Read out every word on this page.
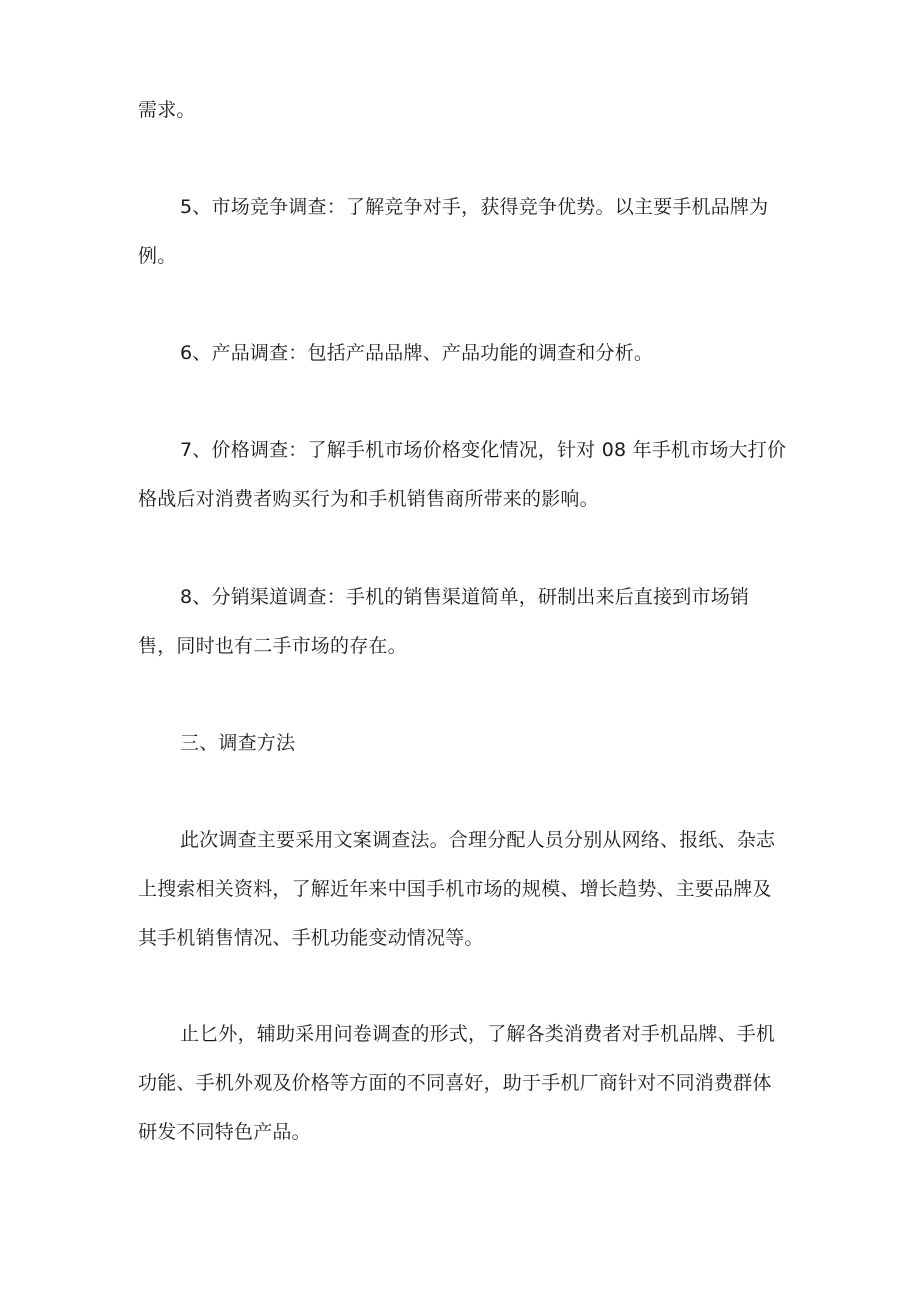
需求。
5、市场竞争调查：了解竞争对手，获得竞争优势。以主要手机品牌为
例。
6、产品调查：包括产品品牌、产品功能的调查和分析。
7、价格调查：了解手机市场价格变化情况，针对 08 年手机市场大打价
格战后对消费者购买行为和手机销售商所带来的影响。
8、分销渠道调查：手机的销售渠道简单，研制出来后直接到市场销
售，同时也有二手市场的存在。
三、调查方法
此次调查主要采用文案调查法。合理分配人员分别从网络、报纸、杂志
上搜索相关资料，了解近年来中国手机市场的规模、增长趋势、主要品牌及
其手机销售情况、手机功能变动情况等。
止匕外，辅助采用问卷调查的形式，了解各类消费者对手机品牌、手机
功能、手机外观及价格等方面的不同喜好，助于手机厂商针对不同消费群体
研发不同特色产品。
